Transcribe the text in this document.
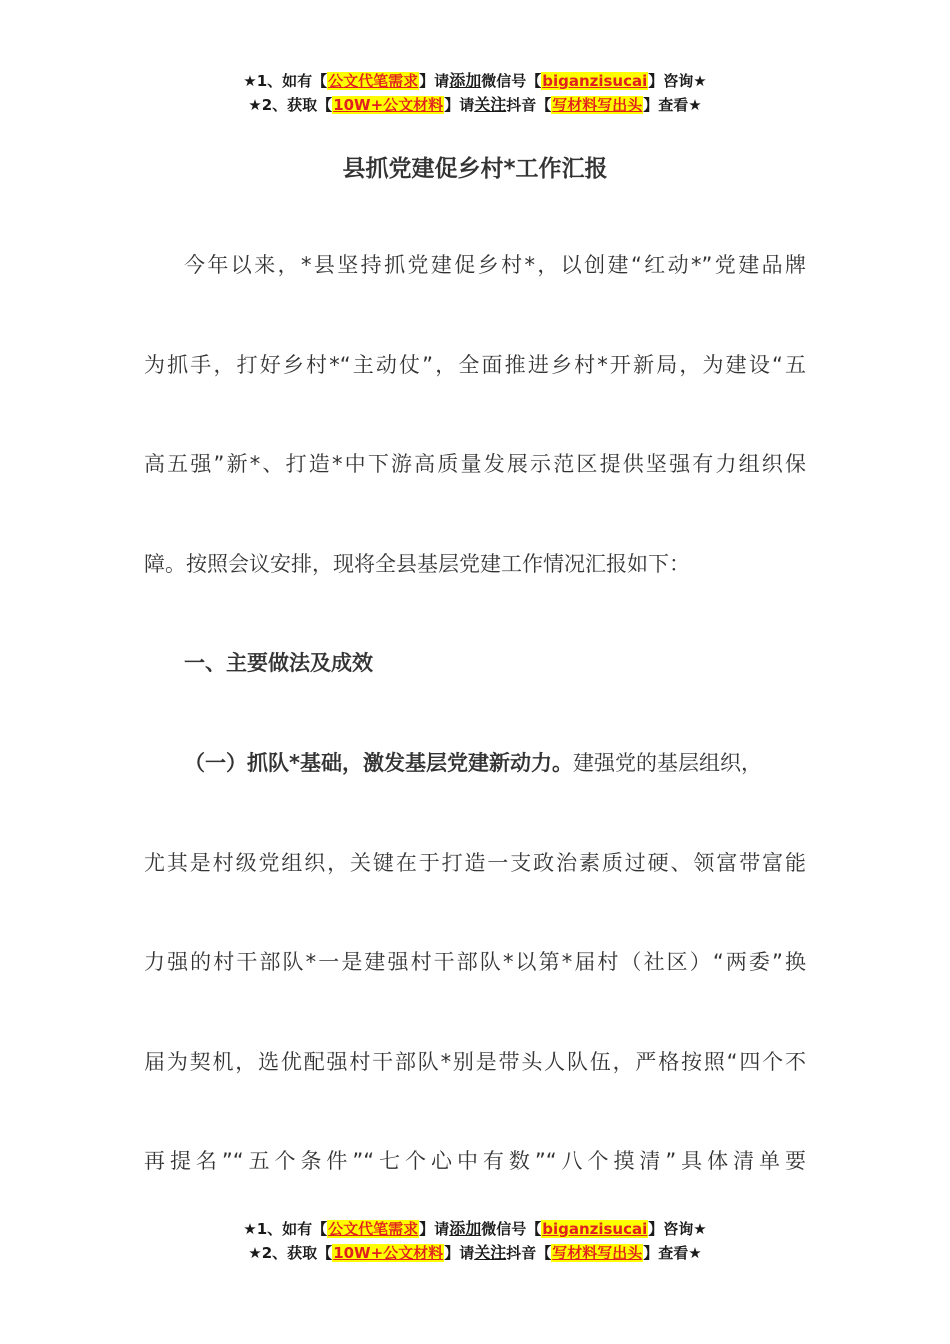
★1、如有【公文代笔需求】请添加微信号【biganzisucai】咨询★
★2、获取【10W+公文材料】请关注抖音【写材料写出头】查看★
县抓党建促乡村*工作汇报
今年以来，*县坚持抓党建促乡村*，以创建“红动*”党建品牌
为抓手，打好乡村*“主动仗”，全面推进乡村*开新局，为建设“五
高五强”新*、打造*中下游高质量发展示范区提供坚强有力组织保
障。按照会议安排，现将全县基层党建工作情况汇报如下：
一、主要做法及成效
（一）抓队*基础，激发基层党建新动力。建强党的基层组织，
尤其是村级党组织，关键在于打造一支政治素质过硬、领富带富能
力强的村干部队*一是建强村干部队*以第*届村（社区）“两委”换
届为契机，选优配强村干部队*别是带头人队伍，严格按照“四个不
再提名”“五个条件”“七个心中有数”“八个摸清”具体清单要
★1、如有【公文代笔需求】请添加微信号【biganzisucai】咨询★
★2、获取【10W+公文材料】请关注抖音【写材料写出头】查看★
